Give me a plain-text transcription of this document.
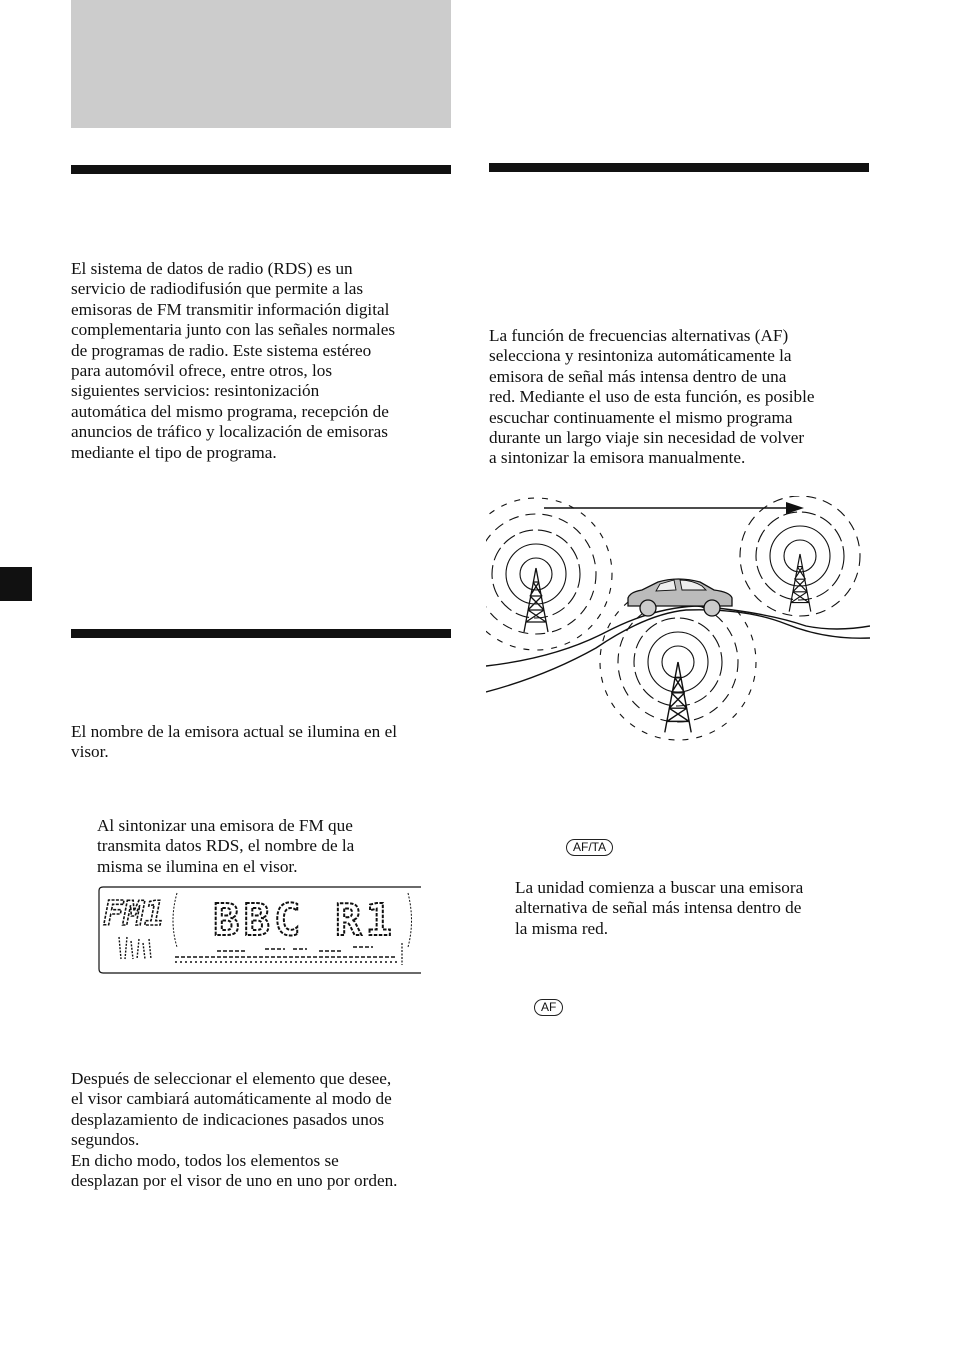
El sistema de datos de radio (RDS) es un
servicio de radiodifusión que permite a las
emisoras de FM transmitir información digital
complementaria junto con las señales normales
de programas de radio. Este sistema estéreo
para automóvil ofrece, entre otros, los
siguientes servicios: resintonización
automática del mismo programa, recepción de
anuncios de tráfico y localización de emisoras
mediante el tipo de programa.
El nombre de la emisora actual se ilumina en el
visor.
Al sintonizar una emisora de FM que
transmita datos RDS, el nombre de la
misma se ilumina en el visor.
FM1 BBC R1
Después de seleccionar el elemento que desee,
el visor cambiará automáticamente al modo de
desplazamiento de indicaciones pasados unos
segundos.
En dicho modo, todos los elementos se
desplazan por el visor de uno en uno por orden.
La función de frecuencias alternativas (AF)
selecciona y resintoniza automáticamente la
emisora de señal más intensa dentro de una
red. Mediante el uso de esta función, es posible
escuchar continuamente el mismo programa
durante un largo viaje sin necesidad de volver
a sintonizar la emisora manualmente.
AF/TA
La unidad comienza a buscar una emisora
alternativa de señal más intensa dentro de
la misma red.
AF
